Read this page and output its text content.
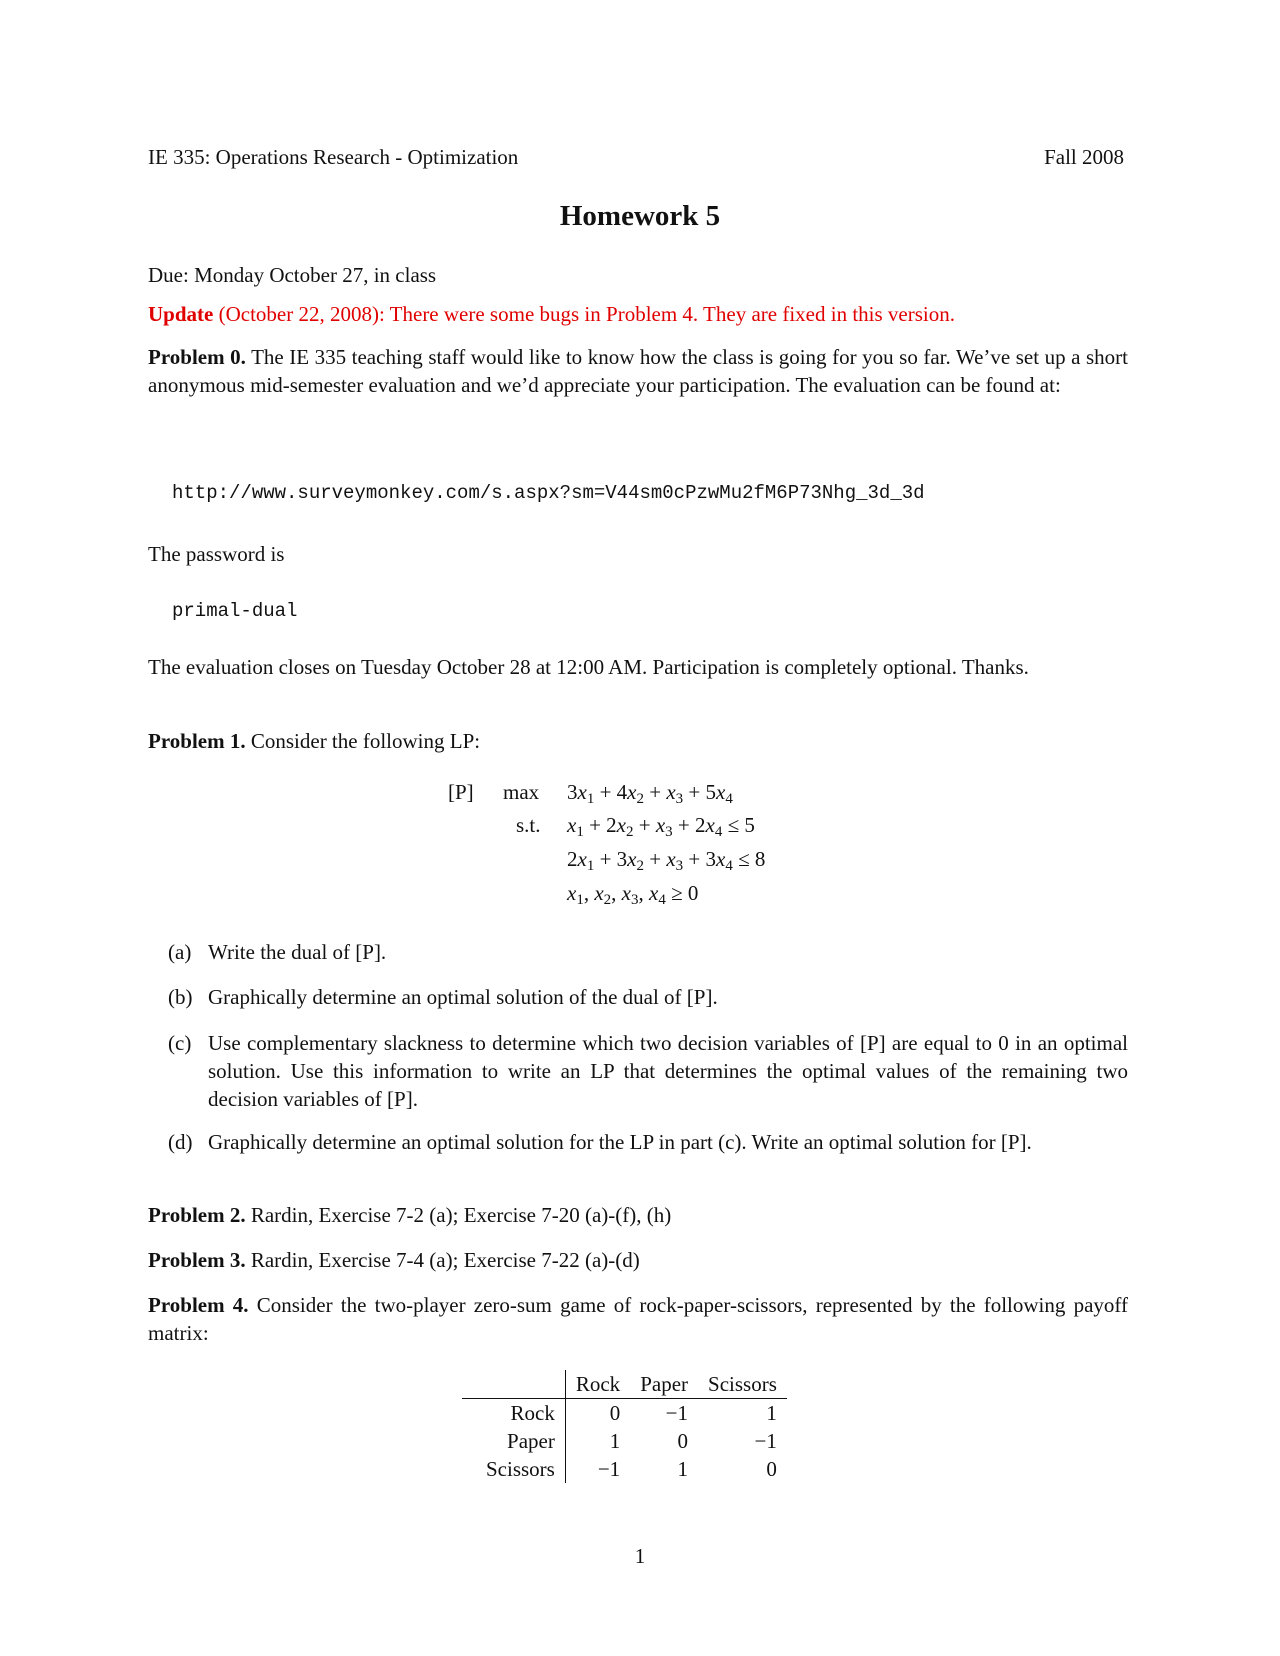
IE 335: Operations Research - Optimization	Fall 2008
Homework 5
Due: Monday October 27, in class
Update (October 22, 2008): There were some bugs in Problem 4. They are fixed in this version.
Problem 0. The IE 335 teaching staff would like to know how the class is going for you so far. We’ve set up a short anonymous mid-semester evaluation and we’d appreciate your participation. The evaluation can be found at:
http://www.surveymonkey.com/s.aspx?sm=V44sm0cPzwMu2fM6P73Nhg_3d_3d
The password is
primal-dual
The evaluation closes on Tuesday October 28 at 12:00 AM. Participation is completely optional. Thanks.
Problem 1. Consider the following LP:
[P] max
s.t.
$3x_1 + 4x_2 + x_3 + 5x_4$
$x_1 + 2x_2 + x_3 + 2x_4 \le 5$
$2x_1 + 3x_2 + x_3 + 3x_4 \le 8$
$x_1$, $x_2$, $x_3$, $x_4 \ge 0$
(a) Write the dual of [P].
(b) Graphically determine an optimal solution of the dual of [P].
(c) Use complementary slackness to determine which two decision variables of [P] are equal to 0 in an optimal solution. Use this information to write an LP that determines the optimal values of the remaining two decision variables of [P].
(d) Graphically determine an optimal solution for the LP in part (c). Write an optimal solution for [P].
Problem 2. Rardin, Exercise 7-2 (a); Exercise 7-20 (a)-(f), (h)
Problem 3. Rardin, Exercise 7-4 (a); Exercise 7-22 (a)-(d)
Problem 4. Consider the two-player zero-sum game of rock-paper-scissors, represented by the following payoff matrix:
	Rock	Paper	Scissors
Rock	0	−1	1
Paper	1	0	−1
Scissors	−1	1	0
1
